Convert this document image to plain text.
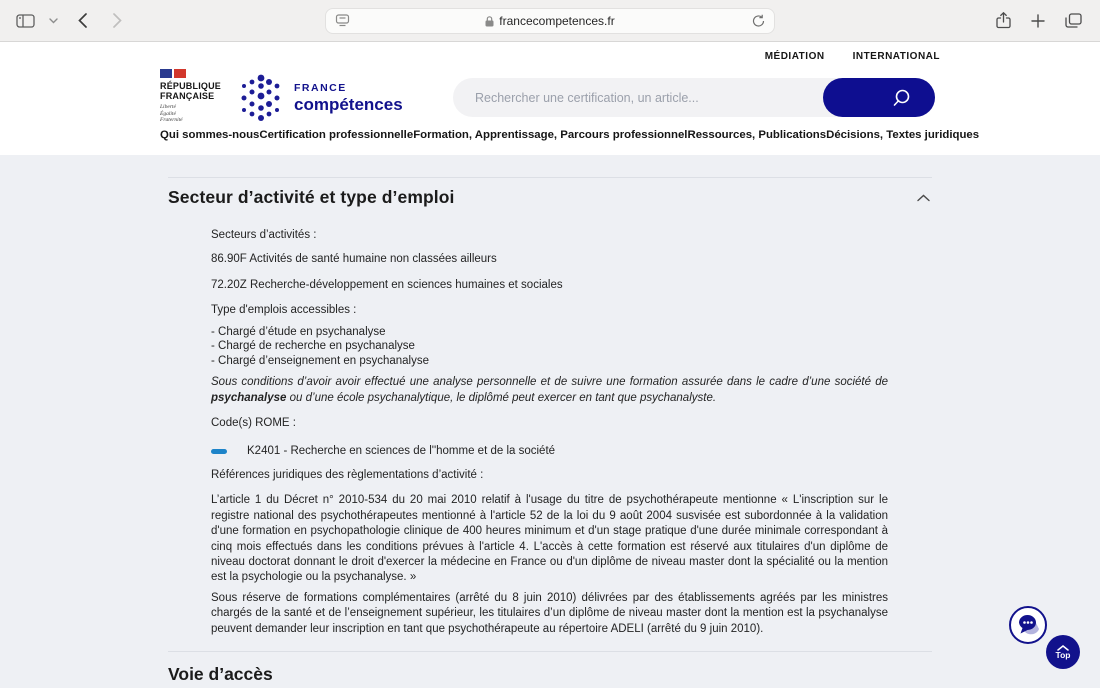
francecompetences.fr
MÉDIATION	INTERNATIONAL
RÉPUBLIQUE
FRANÇAISE
Liberté
Égalité
Fraternité
FRANCE
compétences
Rechercher une certification, un article...
Qui sommes-nous Certification professionnelle Formation, Apprentissage, Parcours professionnel Ressources, Publications Décisions, Textes juridiques
Secteur d’activité et type d’emploi

Secteurs d’activités :

86.90F Activités de santé humaine non classées ailleurs

72.20Z Recherche-développement en sciences humaines et sociales

Type d'emplois accessibles :

- Chargé d’étude en psychanalyse

- Chargé de recherche en psychanalyse

- Chargé d’enseignement en psychanalyse

Sous conditions d’avoir avoir effectué une analyse personnelle et de suivre une formation assurée dans le cadre d’une société de psychanalyse ou d’une école psychanalytique, le diplômé peut exercer en tant que psychanalyste.

Code(s) ROME :

K2401 - Recherche en sciences de l''homme et de la société

Références juridiques des règlementations d’activité :

L’article 1 du Décret n° 2010-534 du 20 mai 2010 relatif à l'usage du titre de psychothérapeute mentionne « L'inscription sur le registre national des psychothérapeutes mentionné à l'article 52 de la loi du 9 août 2004 susvisée est subordonnée à la validation d'une formation en psychopathologie clinique de 400 heures minimum et d'un stage pratique d'une durée minimale correspondant à cinq mois effectués dans les conditions prévues à l'article 4. L'accès à cette formation est réservé aux titulaires d'un diplôme de niveau doctorat donnant le droit d'exercer la médecine en France ou d'un diplôme de niveau master dont la spécialité ou la mention est la psychologie ou la psychanalyse. »

Sous réserve de formations complémentaires (arrêté du 8 juin 2010) délivrées par des établissements agréés par les ministres chargés de la santé et de l’enseignement supérieur, les titulaires d’un diplôme de niveau master dont la mention est la psychanalyse peuvent demander leur inscription en tant que psychothérapeute au répertoire ADELI (arrêté du 9 juin 2010).

Voie d’accès
Top
